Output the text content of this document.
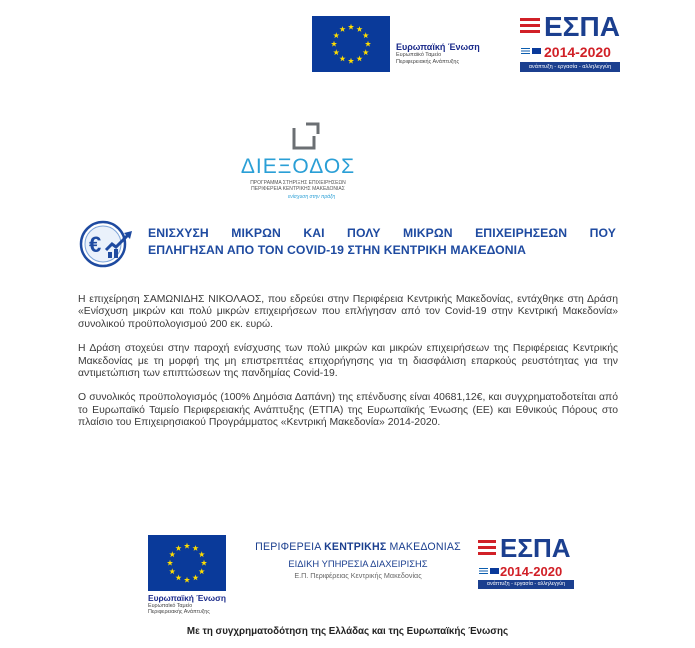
Ευρωπαϊκή Ένωση
Ευρωπαϊκό Ταμείο
Περιφερειακής Ανάπτυξης
ΕΣΠΑ
2014-2020
ανάπτυξη - εργασία - αλληλεγγύη
ΔΙΕΞΟΔΟΣ
ΠΡΟΓΡΑΜΜΑ ΣΤΗΡΙΞΗΣ ΕΠΙΧΕΙΡΗΣΕΩΝ
ΠΕΡΙΦΕΡΕΙΑ ΚΕΝΤΡΙΚΗΣ ΜΑΚΕΔΟΝΙΑΣ
ενίσχυση στην πράξη
€	ΕΝΙΣΧΥΣΗ ΜΙΚΡΩΝ ΚΑΙ ΠΟΛΥ ΜΙΚΡΩΝ ΕΠΙΧΕΙΡΗΣΕΩΝ ΠΟΥ
ΕΠΛΗΓΗΣΑΝ ΑΠΟ ΤΟΝ COVID-19 ΣΤΗΝ ΚΕΝΤΡΙΚΗ ΜΑΚΕΔΟΝΙΑ

Η επιχείρηση ΣΑΜΩΝΙΔΗΣ ΝΙΚΟΛΑΟΣ, που εδρεύει στην Περιφέρεια Κεντρικής Μακεδονίας, εντάχθηκε στη Δράση «Ενίσχυση μικρών και πολύ μικρών επιχειρήσεων που επλήγησαν από τον Covid-19 στην Κεντρική Μακεδονία» συνολικού προϋπολογισμού 200 εκ. ευρώ.

Η Δράση στοχεύει στην παροχή ενίσχυσης των πολύ μικρών και μικρών επιχειρήσεων της Περιφέρειας Κεντρικής Μακεδονίας με τη μορφή της μη επιστρεπτέας επιχορήγησης για τη διασφάλιση επαρκούς ρευστότητας για την αντιμετώπιση των επιπτώσεων της πανδημίας Covid-19.

Ο συνολικός προϋπολογισμός (100% Δημόσια Δαπάνη) της επένδυσης είναι 40681,12€, και συγχρηματοδοτείται από το Ευρωπαϊκό Ταμείο Περιφερειακής Ανάπτυξης (ΕΤΠΑ) της Ευρωπαϊκής Ένωσης (ΕΕ) και Εθνικούς Πόρους στο πλαίσιο του Επιχειρησιακού Προγράμματος «Κεντρική Μακεδονία» 2014-2020.

Ευρωπαϊκή Ένωση
Ευρωπαϊκό Ταμείο
Περιφερειακής Ανάπτυξης
ΠΕΡΙΦΕΡΕΙΑ ΚΕΝΤΡΙΚΗΣ ΜΑΚΕΔΟΝΙΑΣ
ΕΙΔΙΚΗ ΥΠΗΡΕΣΙΑ ΔΙΑΧΕΙΡΙΣΗΣ
Ε.Π. Περιφέρειας Κεντρικής Μακεδονίας
ΕΣΠΑ
2014-2020
ανάπτυξη - εργασία - αλληλεγγύη
Με τη συγχρηματοδότηση της Ελλάδας και της Ευρωπαϊκής Ένωσης
